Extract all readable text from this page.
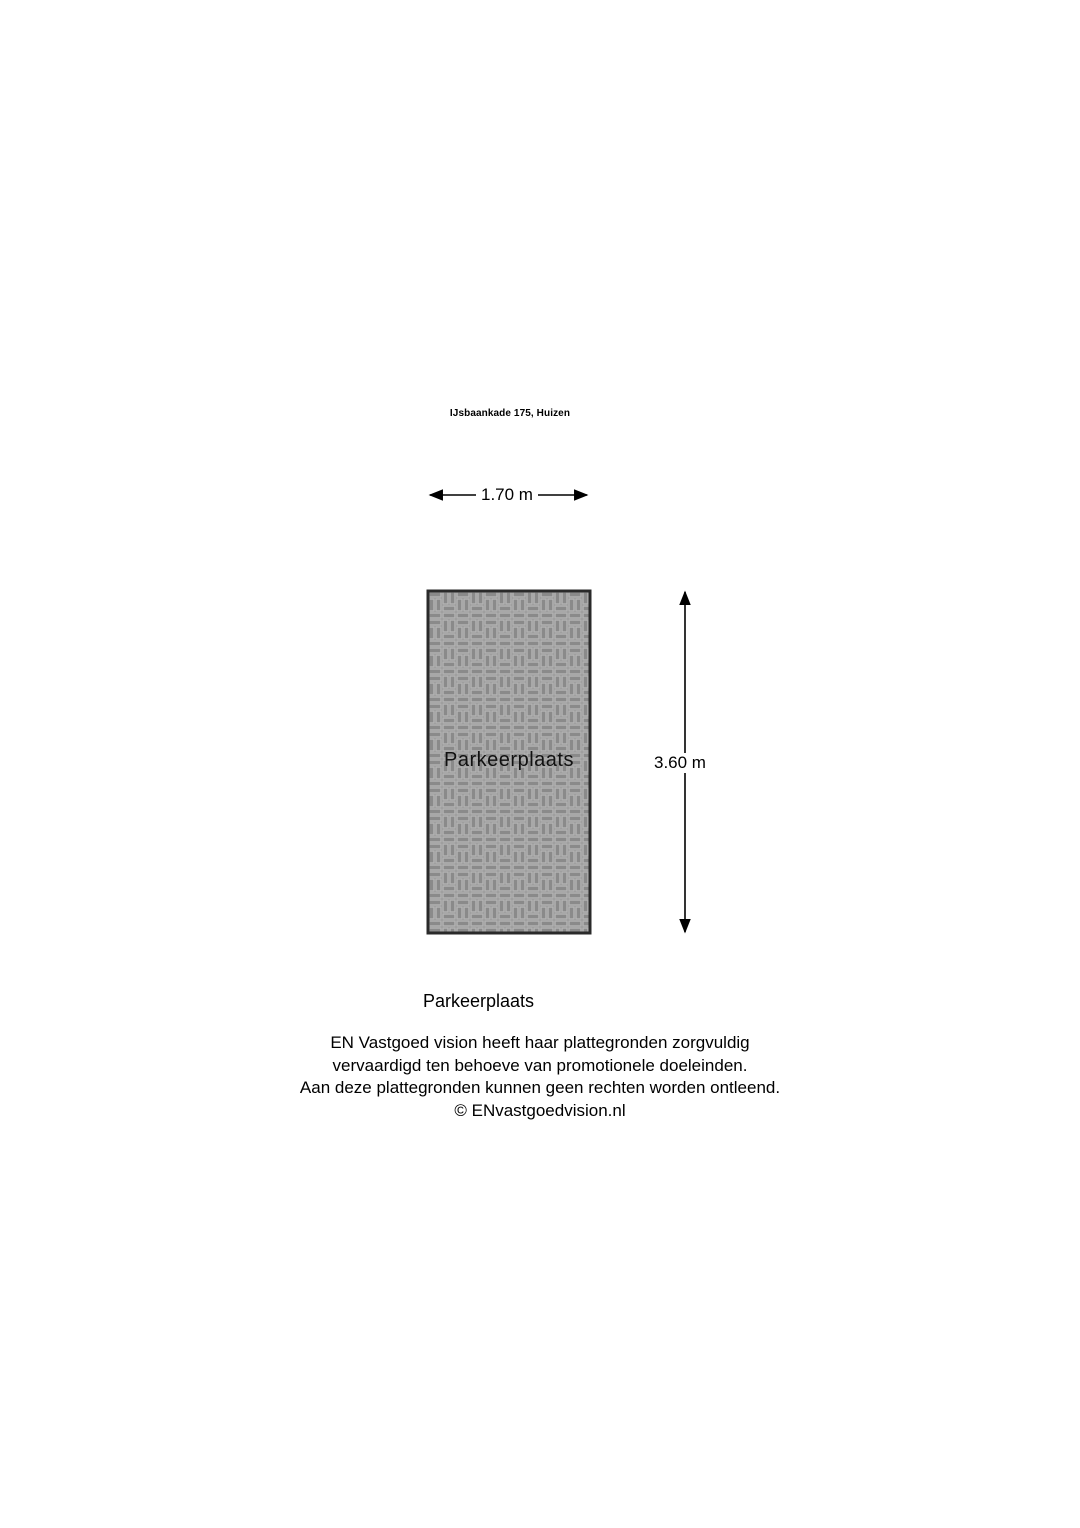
IJsbaankade 175, Huizen
1.70 m
3.60 m
Parkeerplaats
Parkeerplaats
EN Vastgoed vision heeft haar plattegronden zorgvuldig
vervaardigd ten behoeve van promotionele doeleinden.
Aan deze plattegronden kunnen geen rechten worden ontleend.
© ENvastgoedvision.nl
